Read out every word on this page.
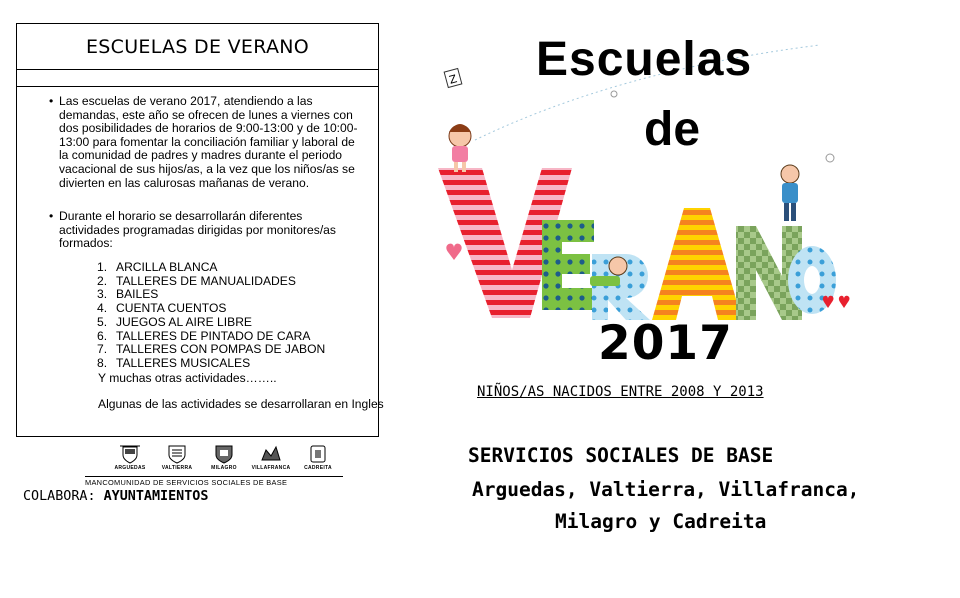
ESCUELAS DE VERANO
• Las escuelas de verano 2017, atendiendo a las demandas, este año se ofrecen de lunes a viernes con dos posibilidades de horarios de 9:00-13:00 y de 10:00-13:00 para fomentar la conciliación familiar y laboral de la comunidad de padres y madres durante el periodo vacacional de sus hijos/as, a la vez que los niños/as se divierten en las calurosas mañanas de verano.
• Durante el horario se desarrollarán diferentes actividades programadas dirigidas por monitores/as formados:
1. ARCILLA BLANCA
2. TALLERES DE MANUALIDADES
3. BAILES
4. CUENTA CUENTOS
5. JUEGOS AL AIRE LIBRE
6. TALLERES DE PINTADO DE CARA
7. TALLERES CON POMPAS DE JABON
8. TALLERES MUSICALES
Y muchas otras actividades……..
Algunas de las actividades se desarrollaran en Ingles
ARGUEDAS	VALTIERRA	MILAGRO	VILLAFRANCA	CADREITA
MANCOMUNIDAD DE SERVICIOS SOCIALES DE BASE
COLABORA: AYUNTAMIENTOS
Z Escuelas
de
2017
NIÑOS/AS NACIDOS ENTRE 2008 Y 2013
SERVICIOS SOCIALES DE BASE
Arguedas, Valtierra, Villafranca,
Milagro y Cadreita
